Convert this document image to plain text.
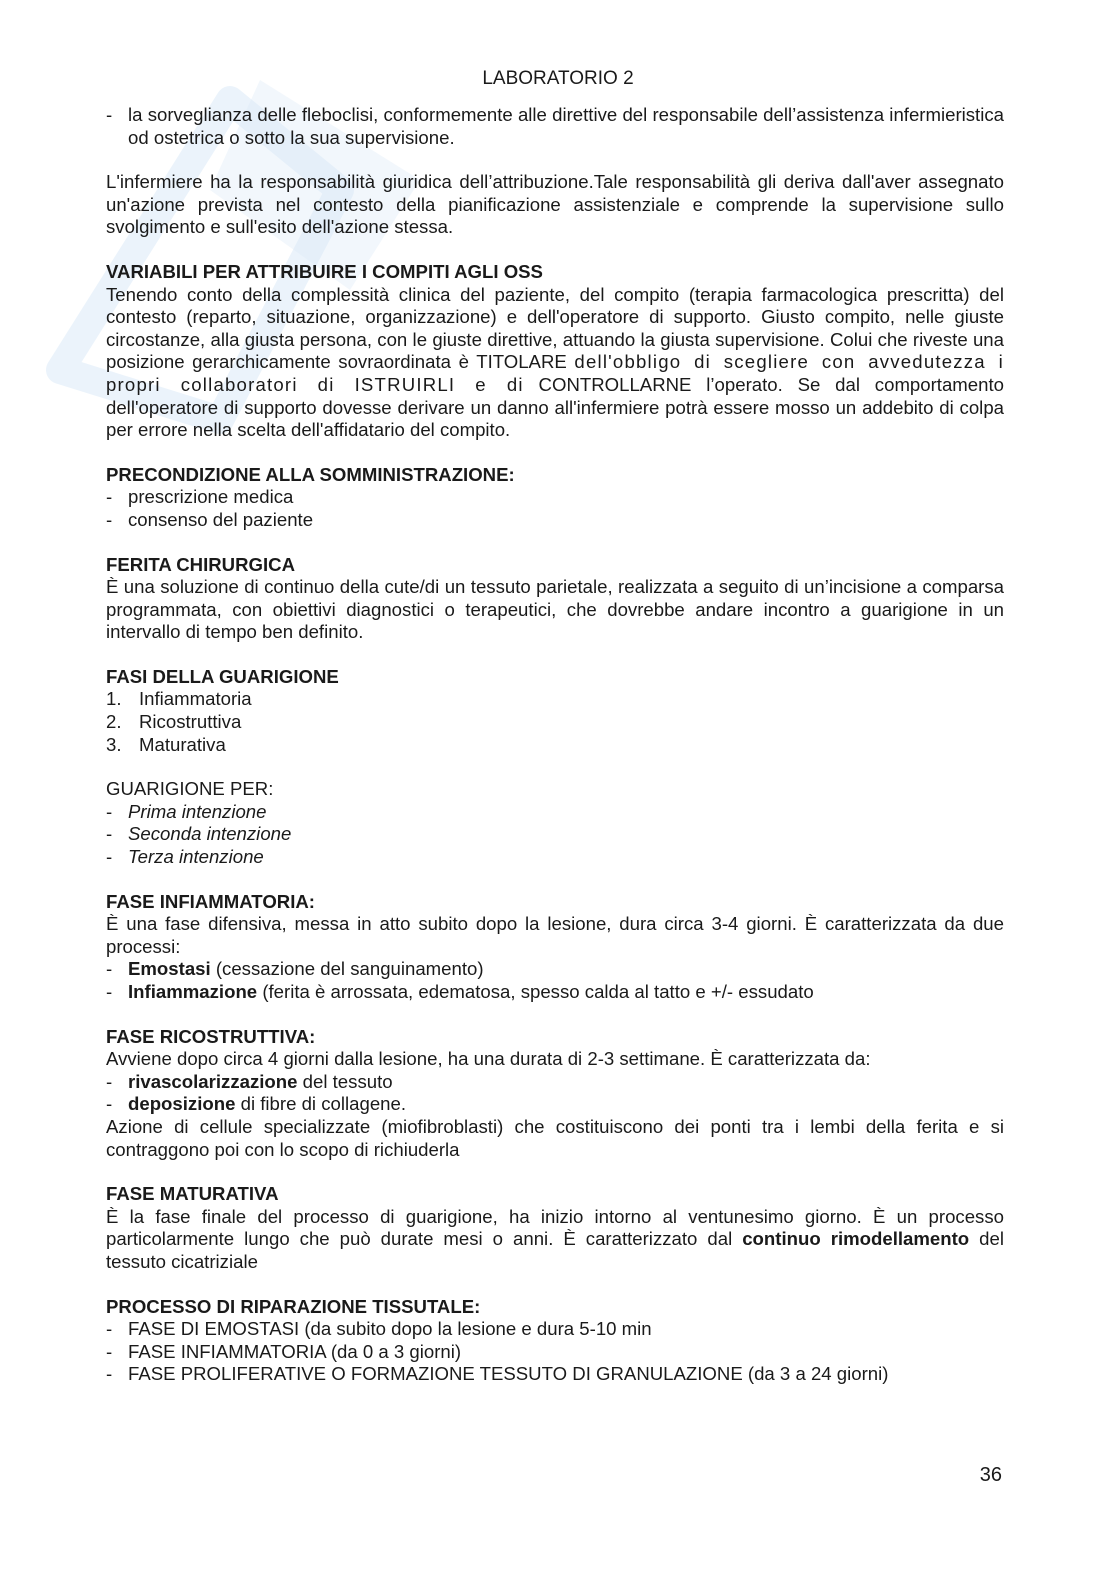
LABORATORIO 2
- la sorveglianza delle fleboclisi, conformemente alle direttive del responsabile dell’assistenza infermieristica od ostetrica o sotto la sua supervisione.

L'infermiere ha la responsabilità giuridica dell’attribuzione.Tale responsabilità gli deriva dall'aver assegnato un'azione prevista nel contesto della pianificazione assistenziale e comprende la supervisione sullo svolgimento e sull'esito dell'azione stessa.

VARIABILI PER ATTRIBUIRE I COMPITI AGLI OSS

Tenendo conto della complessità clinica del paziente, del compito (terapia farmacologica prescritta) del contesto (reparto, situazione, organizzazione) e dell'operatore di supporto. Giusto compito, nelle giuste circostanze, alla giusta persona, con le giuste direttive, attuando la giusta supervisione. Colui che riveste una posizione gerarchicamente sovraordinata è TITOLARE dell'obbligo di scegliere con avvedutezza i propri collaboratori di ISTRUIRLI e di CONTROLLARNE l’operato. Se dal comportamento dell'operatore di supporto dovesse derivare un danno all'infermiere potrà essere mosso un addebito di colpa per errore nella scelta dell'affidatario del compito.

PRECONDIZIONE ALLA SOMMINISTRAZIONE:

- prescrizione medica
- consenso del paziente

FERITA CHIRURGICA

È una soluzione di continuo della cute/di un tessuto parietale, realizzata a seguito di un’incisione a comparsa programmata, con obiettivi diagnostici o terapeutici, che dovrebbe andare incontro a guarigione in un intervallo di tempo ben definito.

FASI DELLA GUARIGIONE

1. Infiammatoria
2. Ricostruttiva
3. Maturativa

GUARIGIONE PER:

- Prima intenzione
- Seconda intenzione
- Terza intenzione

FASE INFIAMMATORIA:

È una fase difensiva, messa in atto subito dopo la lesione, dura circa 3-4 giorni. È caratterizzata da due processi:

- Emostasi (cessazione del sanguinamento)
- Infiammazione (ferita è arrossata, edematosa, spesso calda al tatto e +/- essudato

FASE RICOSTRUTTIVA:

Avviene dopo circa 4 giorni dalla lesione, ha una durata di 2-3 settimane. È caratterizzata da:

- rivascolarizzazione del tessuto
- deposizione di fibre di collagene.

Azione di cellule specializzate (miofibroblasti) che costituiscono dei ponti tra i lembi della ferita e si contraggono poi con lo scopo di richiuderla

FASE MATURATIVA

È la fase finale del processo di guarigione, ha inizio intorno al ventunesimo giorno. È un processo particolarmente lungo che può durate mesi o anni. È caratterizzato dal continuo rimodellamento del tessuto cicatriziale

PROCESSO DI RIPARAZIONE TISSUTALE:

- FASE DI EMOSTASI (da subito dopo la lesione e dura 5-10 min
- FASE INFIAMMATORIA (da 0 a 3 giorni)
- FASE PROLIFERATIVE O FORMAZIONE TESSUTO DI GRANULAZIONE (da 3 a 24 giorni)
36
